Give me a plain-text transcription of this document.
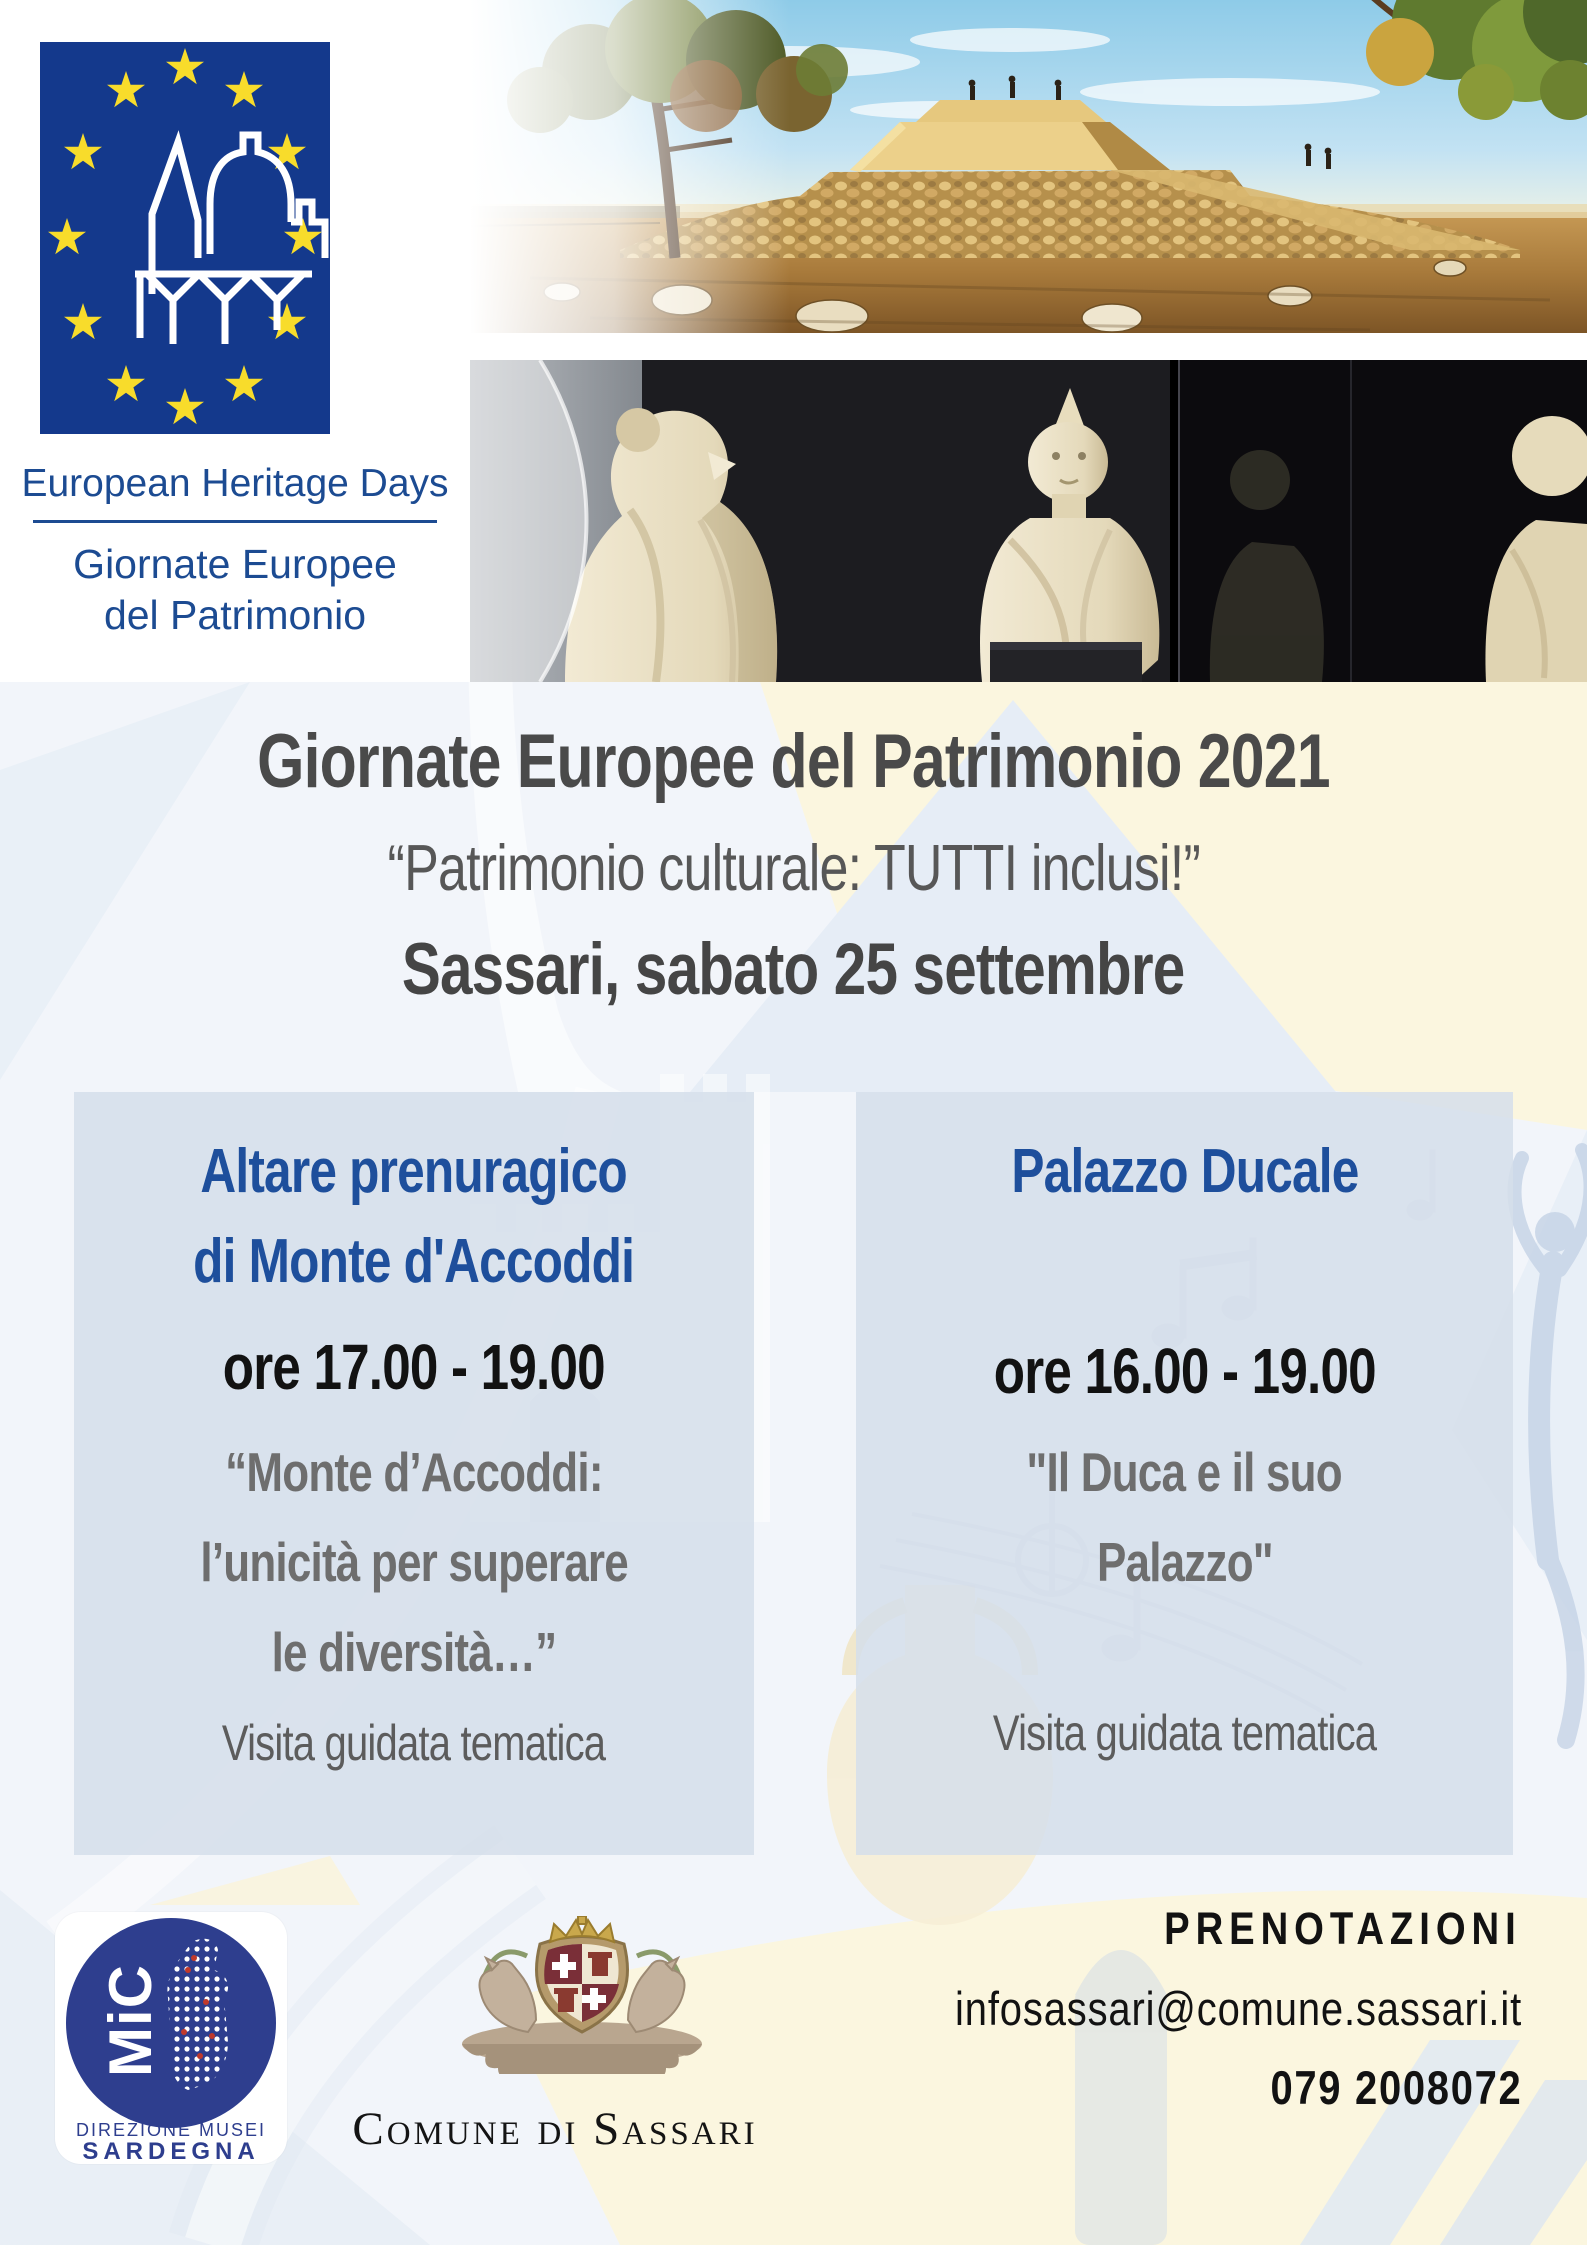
European Heritage Days
Giornate Europee
del Patrimonio
Giornate Europee del Patrimonio 2021
“Patrimonio culturale: TUTTI inclusi!”
Sassari, sabato 25 settembre
Altare prenuragico
di Monte d'Accoddi
ore 17.00 - 19.00
“Monte d’Accoddi:
l’unicità per superare
le diversità…”
Visita guidata tematica
Palazzo Ducale
ore 16.00 - 19.00
"Il Duca e il suo
Palazzo"
Visita guidata tematica
MiC
DIREZIONE MUSEI
SARDEGNA	Comune di Sassari
PRENOTAZIONI
infosassari@comune.sassari.it
079 2008072
